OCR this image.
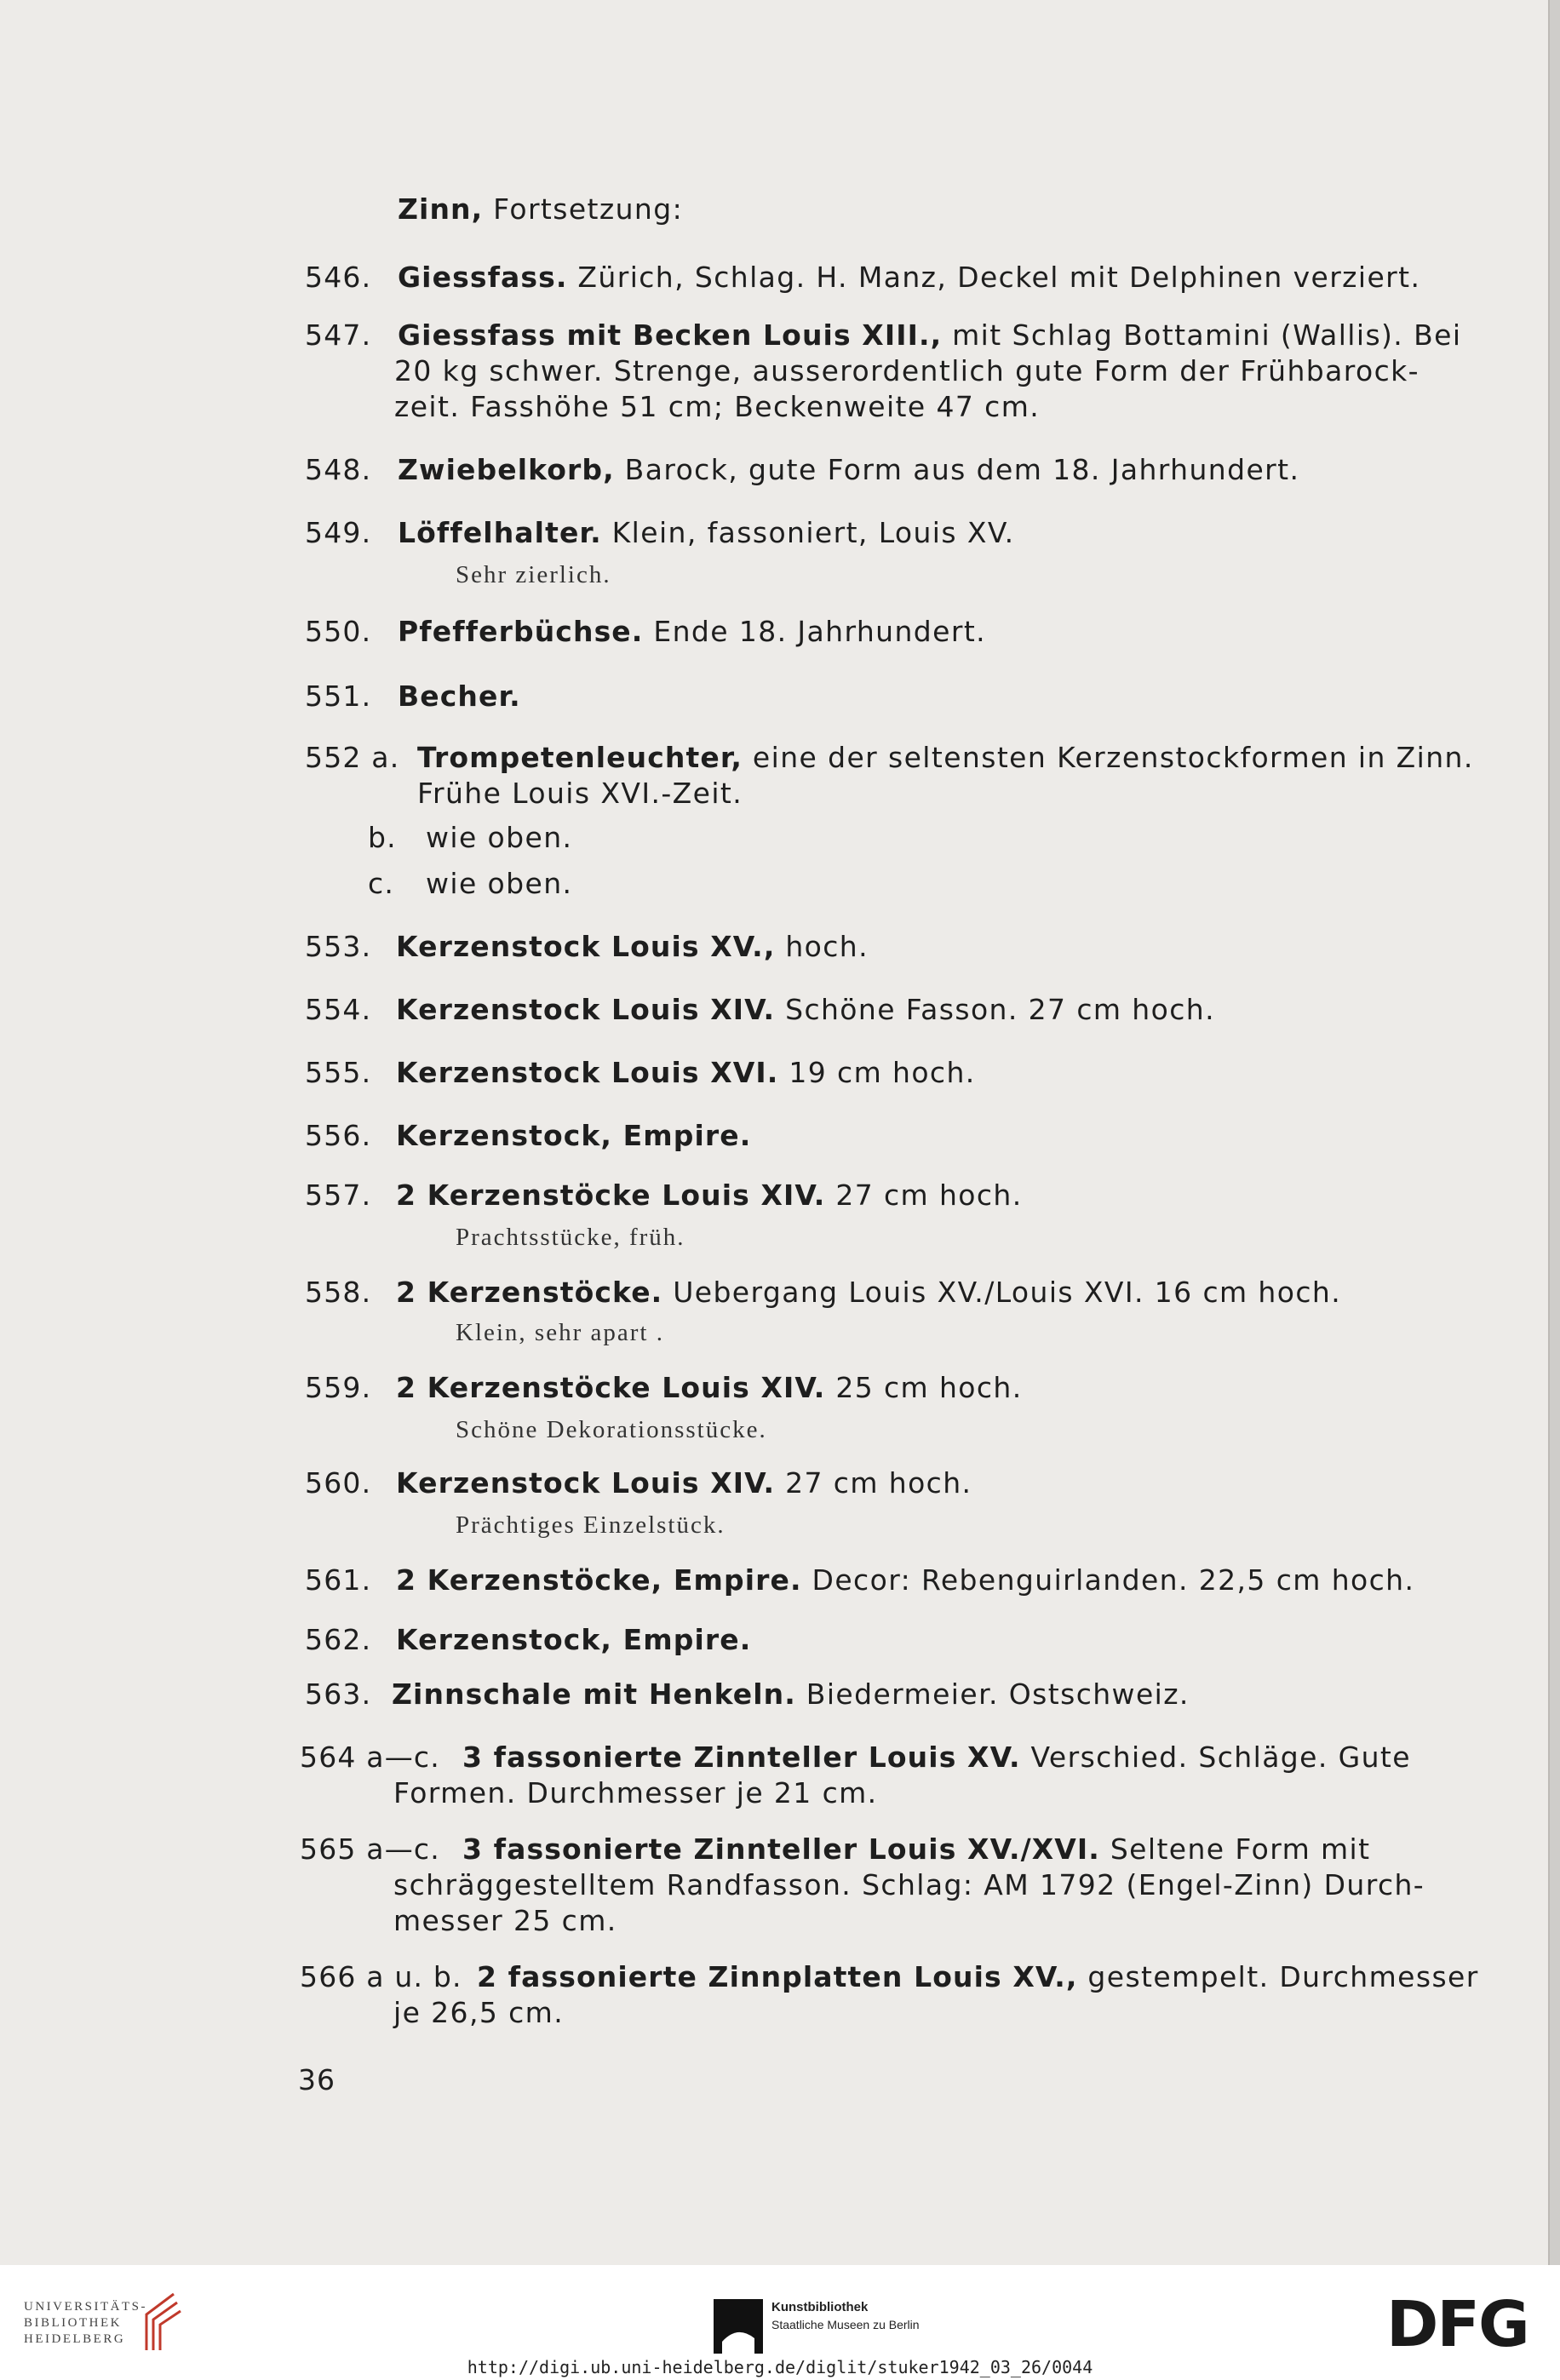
Zinn, Fortsetzung:
546. Giessfass. Zürich, Schlag. H. Manz, Deckel mit Delphinen verziert.
547. Giessfass mit Becken Louis XIII., mit Schlag Bottamini (Wallis). Bei
20 kg schwer. Strenge, ausserordentlich gute Form der Frühbarock-
zeit. Fasshöhe 51 cm; Beckenweite 47 cm.
548. Zwiebelkorb, Barock, gute Form aus dem 18. Jahrhundert.
549. Löffelhalter. Klein, fassoniert, Louis XV.
Sehr zierlich.
550. Pfefferbüchse. Ende 18. Jahrhundert.
551. Becher.
552 a. Trompetenleuchter, eine der seltensten Kerzenstockformen in Zinn.
Frühe Louis XVI.-Zeit.
b. wie oben.
c. wie oben.
553. Kerzenstock Louis XV., hoch.
554. Kerzenstock Louis XIV. Schöne Fasson. 27 cm hoch.
555. Kerzenstock Louis XVI. 19 cm hoch.
556. Kerzenstock, Empire.
557. 2 Kerzenstöcke Louis XIV. 27 cm hoch.
Prachtsstücke, früh.
558. 2 Kerzenstöcke. Uebergang Louis XV./Louis XVI. 16 cm hoch.
Klein, sehr apart .
559. 2 Kerzenstöcke Louis XIV. 25 cm hoch.
Schöne Dekorationsstücke.
560. Kerzenstock Louis XIV. 27 cm hoch.
Prächtiges Einzelstück.
561. 2 Kerzenstöcke, Empire. Decor: Rebenguirlanden. 22,5 cm hoch.
562. Kerzenstock, Empire.
563. Zinnschale mit Henkeln. Biedermeier. Ostschweiz.
564 a—c. 3 fassonierte Zinnteller Louis XV. Verschied. Schläge. Gute
Formen. Durchmesser je 21 cm.
565 a—c. 3 fassonierte Zinnteller Louis XV./XVI. Seltene Form mit
schräggestelltem Randfasson. Schlag: AM 1792 (Engel-Zinn) Durch-
messer 25 cm.
566 a u. b. 2 fassonierte Zinnplatten Louis XV., gestempelt. Durchmesser
je 26,5 cm.
36
UNIVERSITÄTS-
BIBLIOTHEK
HEIDELBERG
Kunstbibliothek
Staatliche Museen zu Berlin	DFG
http://digi.ub.uni-heidelberg.de/diglit/stuker1942_03_26/0044
